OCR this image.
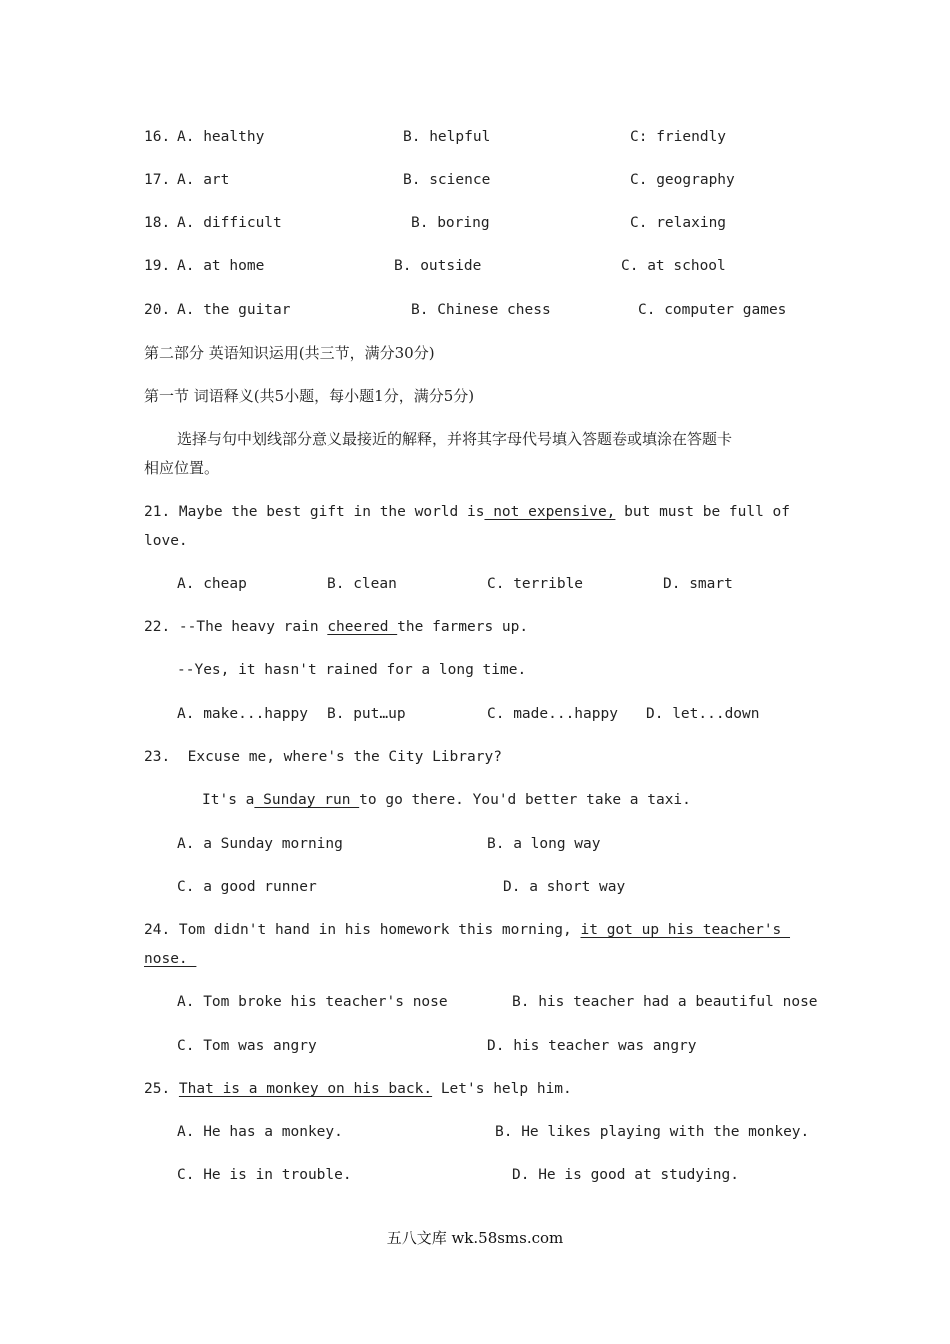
16. A. healthy	B. helpful	C: friendly
17. A. art	B. science	C. geography
18. A. difficult	B. boring	C. relaxing
19. A. at home	B. outside	C. at school
20. A. the guitar	B. Chinese chess	C. computer games
第二部分 英语知识运用(共三节，满分30分)
第一节 词语释义(共5小题，每小题1分，满分5分)
选择与句中划线部分意义最接近的解释，并将其字母代号填入答题卷或填涂在答题卡
相应位置。
21. Maybe the best gift in the world is not expensive, but must be full of
love.
A. cheap	B. clean	C. terrible	D. smart
22. --The heavy rain cheered the farmers up.
--Yes, it hasn't rained for a long time.
A. make...happy B. put…up	C. made...happy D. let...down
23.  Excuse me, where's the City Library?
It's a Sunday run to go there. You'd better take a taxi.
A. a Sunday morning	B. a long way
C. a good runner	D. a short way
24. Tom didn't hand in his homework this morning, it got up his teacher's
nose.
A. Tom broke his teacher's nose	B. his teacher had a beautiful nose
C. Tom was angry	D. his teacher was angry
25. That is a monkey on his back. Let's help him.
A. He has a monkey.	B. He likes playing with the monkey.
C. He is in trouble.	D. He is good at studying.
五八文库 wk.58sms.com
